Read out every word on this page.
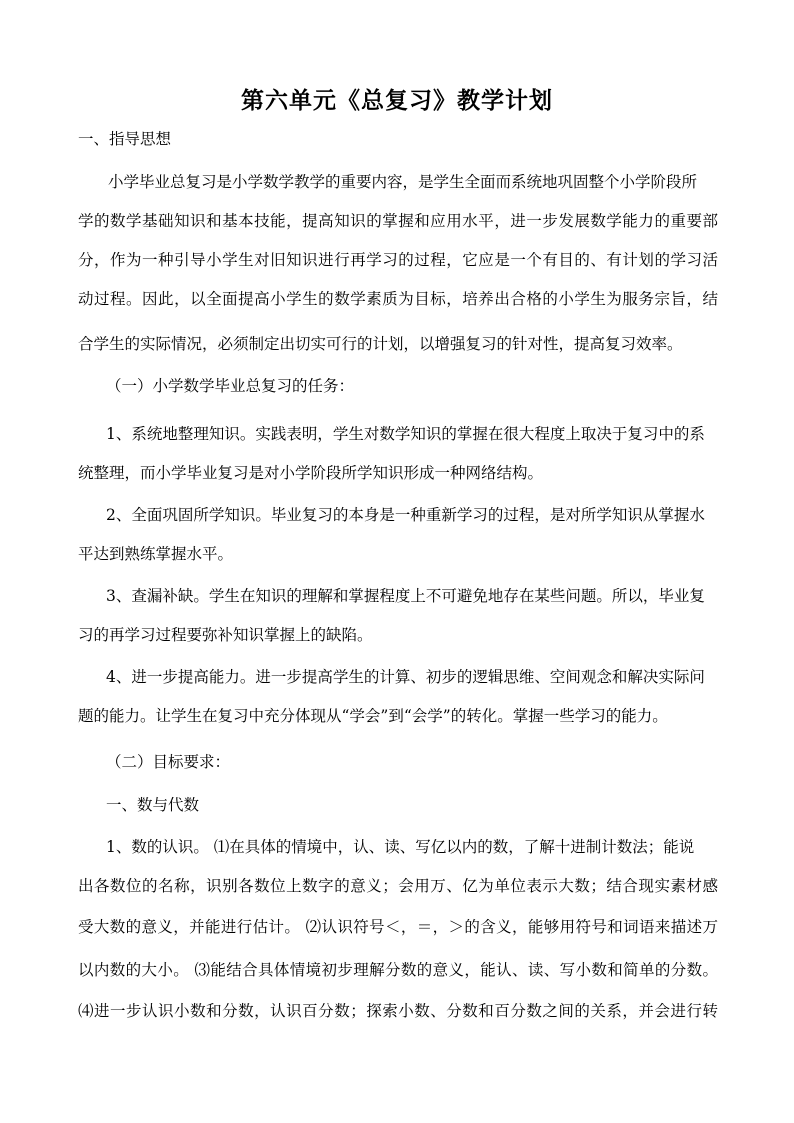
第六单元《总复习》教学计划
一、指导思想
小学毕业总复习是小学数学教学的重要内容，是学生全面而系统地巩固整个小学阶段所
学的数学基础知识和基本技能，提高知识的掌握和应用水平，进一步发展数学能力的重要部
分，作为一种引导小学生对旧知识进行再学习的过程，它应是一个有目的、有计划的学习活
动过程。因此，以全面提高小学生的数学素质为目标，培养出合格的小学生为服务宗旨，结
合学生的实际情况，必须制定出切实可行的计划，以增强复习的针对性，提高复习效率。
（一）小学数学毕业总复习的任务：
1、系统地整理知识。实践表明，学生对数学知识的掌握在很大程度上取决于复习中的系
统整理，而小学毕业复习是对小学阶段所学知识形成一种网络结构。
2、全面巩固所学知识。毕业复习的本身是一种重新学习的过程，是对所学知识从掌握水
平达到熟练掌握水平。
3、查漏补缺。学生在知识的理解和掌握程度上不可避免地存在某些问题。所以，毕业复
习的再学习过程要弥补知识掌握上的缺陷。
4、进一步提高能力。进一步提高学生的计算、初步的逻辑思维、空间观念和解决实际问
题的能力。让学生在复习中充分体现从“学会”到“会学”的转化。掌握一些学习的能力。
（二）目标要求：
一、数与代数
1、数的认识。 ⑴在具体的情境中，认、读、写亿以内的数，了解十进制计数法；能说
出各数位的名称，识别各数位上数字的意义；会用万、亿为单位表示大数；结合现实素材感
受大数的意义，并能进行估计。 ⑵认识符号＜，＝，＞的含义，能够用符号和词语来描述万
以内数的大小。 ⑶能结合具体情境初步理解分数的意义，能认、读、写小数和简单的分数。
⑷进一步认识小数和分数，认识百分数；探索小数、分数和百分数之间的关系，并会进行转
